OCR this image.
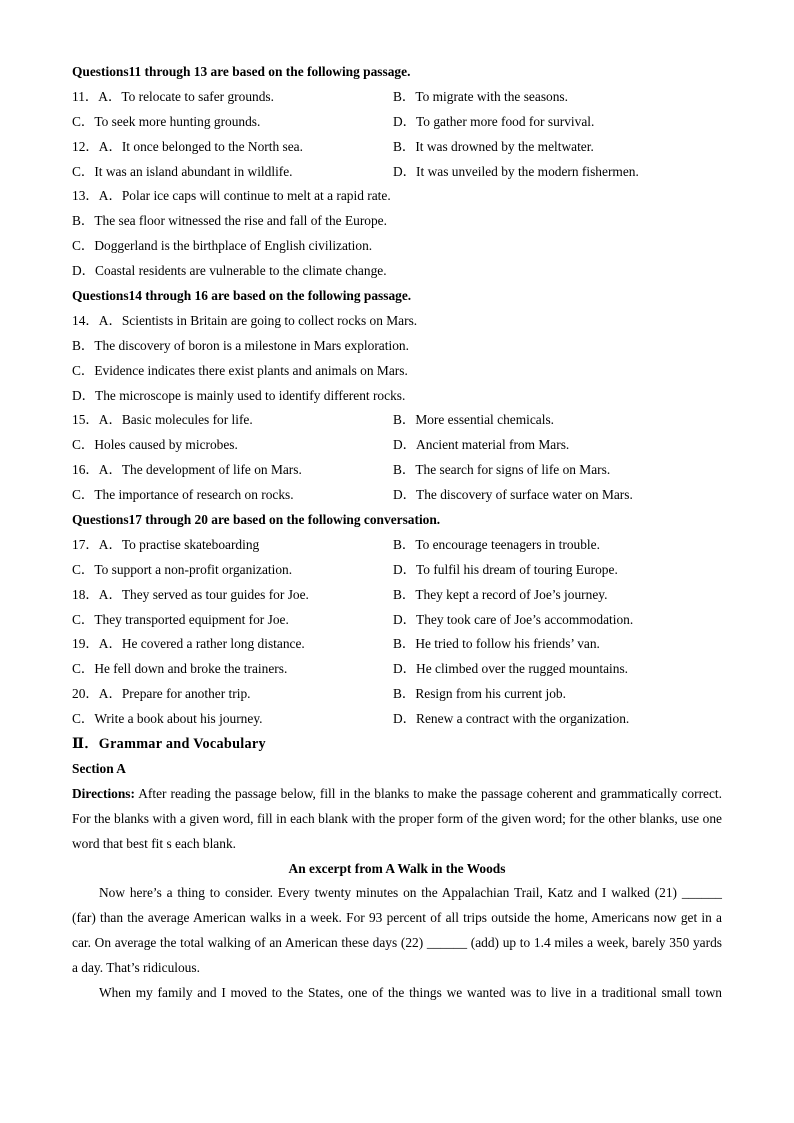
Questions11 through 13 are based on the following passage.
11．A．To relocate to safer grounds.	B．To migrate with the seasons.
C．To seek more hunting grounds.	D．To gather more food for survival.
12．A．It once belonged to the North sea.	B．It was drowned by the meltwater.
C．It was an island abundant in wildlife.	D．It was unveiled by the modern fishermen.
13．A．Polar ice caps will continue to melt at a rapid rate.
B．The sea floor witnessed the rise and fall of the Europe.
C．Doggerland is the birthplace of English civilization.
D．Coastal residents are vulnerable to the climate change.
Questions14 through 16 are based on the following passage.
14．A．Scientists in Britain are going to collect rocks on Mars.
B．The discovery of boron is a milestone in Mars exploration.
C．Evidence indicates there exist plants and animals on Mars.
D．The microscope is mainly used to identify different rocks.
15．A．Basic molecules for life.	B．More essential chemicals.
C．Holes caused by microbes.	D．Ancient material from Mars.
16．A．The development of life on Mars.	B．The search for signs of life on Mars.
C．The importance of research on rocks.	D．The discovery of surface water on Mars.
Questions17 through 20 are based on the following conversation.
17．A．To practise skateboarding	B．To encourage teenagers in trouble.
C．To support a non-profit organization.	D．To fulfil his dream of touring Europe.
18．A．They served as tour guides for Joe.	B．They kept a record of Joe’s journey.
C．They transported equipment for Joe.	D．They took care of Joe’s accommodation.
19．A．He covered a rather long distance.	B．He tried to follow his friends’ van.
C．He fell down and broke the trainers.	D．He climbed over the rugged mountains.
20．A．Prepare for another trip.	B．Resign from his current job.
C．Write a book about his journey.	D．Renew a contract with the organization.
Ⅱ．Grammar and Vocabulary
Section A
Directions: After reading the passage below, fill in the blanks to make the passage coherent and grammatically correct. For the blanks with a given word, fill in each blank with the proper form of the given word; for the other blanks, use one word that best fit s each blank.
An excerpt from A Walk in the Woods
Now here’s a thing to consider. Every twenty minutes on the Appalachian Trail, Katz and I walked (21) ______ (far) than the average American walks in a week. For 93 percent of all trips outside the home, Americans now get in a car. On average the total walking of an American these days (22) ______ (add) up to 1.4 miles a week, barely 350 yards a day. That’s ridiculous.
When my family and I moved to the States, one of the things we wanted was to live in a traditional small town
